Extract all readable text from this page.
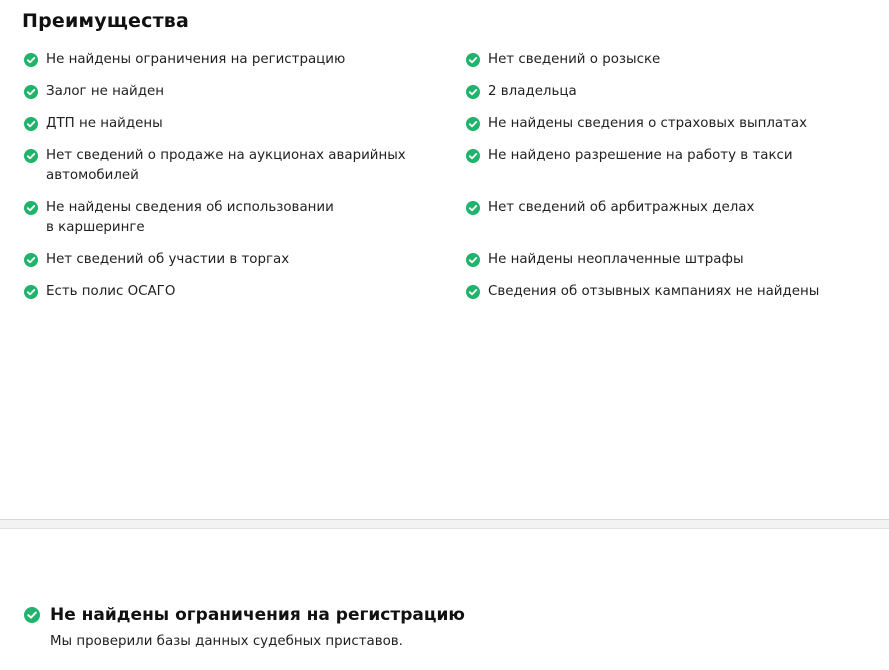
Преимущества
Не найдены ограничения на регистрацию
Залог не найден
ДТП не найдены
Нет сведений о продаже на аукционах аварийных
автомобилей
Не найдены сведения об использовании
в каршеринге
Нет сведений об участии в торгах
Есть полис ОСАГО
Нет сведений о розыске
2 владельца
Не найдены сведения о страховых выплатах
Не найдено разрешение на работу в такси
Нет сведений об арбитражных делах
Не найдены неоплаченные штрафы
Сведения об отзывных кампаниях не найдены
Не найдены ограничения на регистрацию
Мы проверили базы данных судебных приставов.
